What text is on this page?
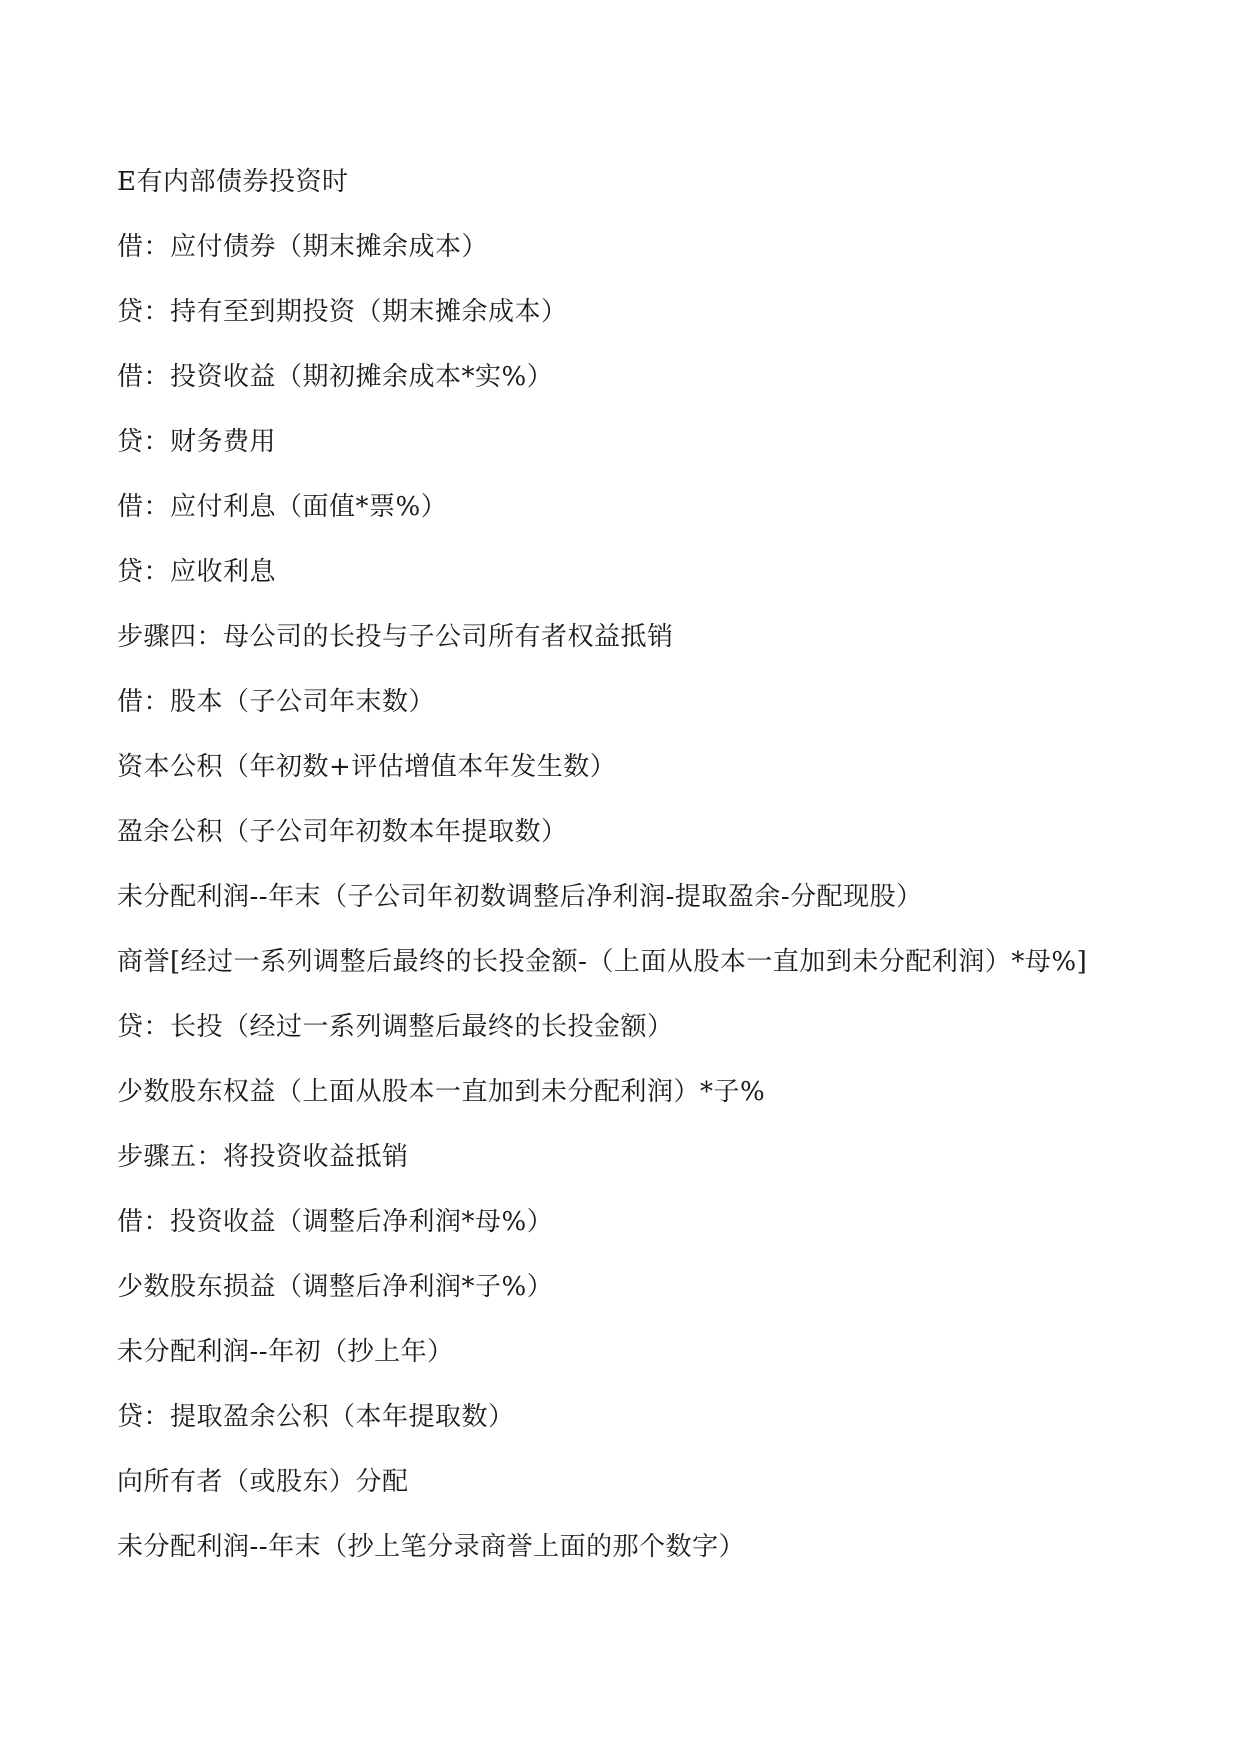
E有内部债券投资时
借：应付债券（期末摊余成本）
贷：持有至到期投资（期末摊余成本）
借：投资收益（期初摊余成本*实%）
贷：财务费用
借：应付利息（面值*票%）
贷：应收利息
步骤四：母公司的长投与子公司所有者权益抵销
借：股本（子公司年末数）
资本公积（年初数+评估增值本年发生数）
盈余公积（子公司年初数本年提取数）
未分配利润--年末（子公司年初数调整后净利润-提取盈余-分配现股）
商誉[经过一系列调整后最终的长投金额-（上面从股本一直加到未分配利润）*母%]
贷：长投（经过一系列调整后最终的长投金额）
少数股东权益（上面从股本一直加到未分配利润）*子%
步骤五：将投资收益抵销
借：投资收益（调整后净利润*母%）
少数股东损益（调整后净利润*子%）
未分配利润--年初（抄上年）
贷：提取盈余公积（本年提取数）
向所有者（或股东）分配
未分配利润--年末（抄上笔分录商誉上面的那个数字）
